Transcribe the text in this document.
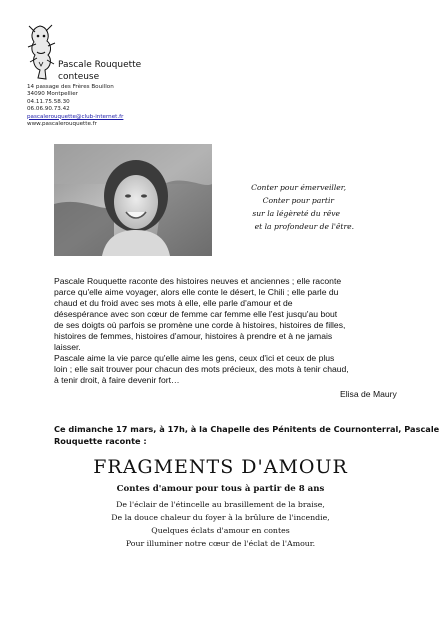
Pascale Rouquette
conteuse
14 passage des Frères Bouillon
34090 Montpellier
04.11.75.58.30
06.06.90.73.42
pascalerouquette@club-internet.fr
www.pascalerouquette.fr
Conter pour émerveiller,
Conter pour partir
sur la légèreté du rêve
et la profondeur de l'être.
Pascale Rouquette raconte des histoires neuves et anciennes ; elle raconte
parce qu'elle aime voyager, alors elle conte le désert, le Chili ; elle parle du
chaud et du froid avec ses mots à elle, elle parle d'amour et de
désespérance avec son cœur de femme car femme elle l'est jusqu'au bout
de ses doigts où parfois se promène une corde à histoires, histoires de filles,
histoires de femmes, histoires d'amour, histoires à prendre et à ne jamais
laisser.
Pascale aime la vie parce qu'elle aime les gens, ceux d'ici et ceux de plus
loin ; elle sait trouver pour chacun des mots précieux, des mots à tenir chaud,
à tenir droit, à faire devenir fort…
Elisa de Maury
Ce dimanche 17 mars, à 17h, à la Chapelle des Pénitents de Cournonterral, Pascale
Rouquette raconte :
FRAGMENTS D'AMOUR
Contes d'amour pour tous à partir de 8 ans
De l'éclair de l'étincelle au brasillement de la braise,
De la douce chaleur du foyer à la brûlure de l'incendie,
Quelques éclats d'amour en contes
Pour illuminer notre cœur de l'éclat de l'Amour.
